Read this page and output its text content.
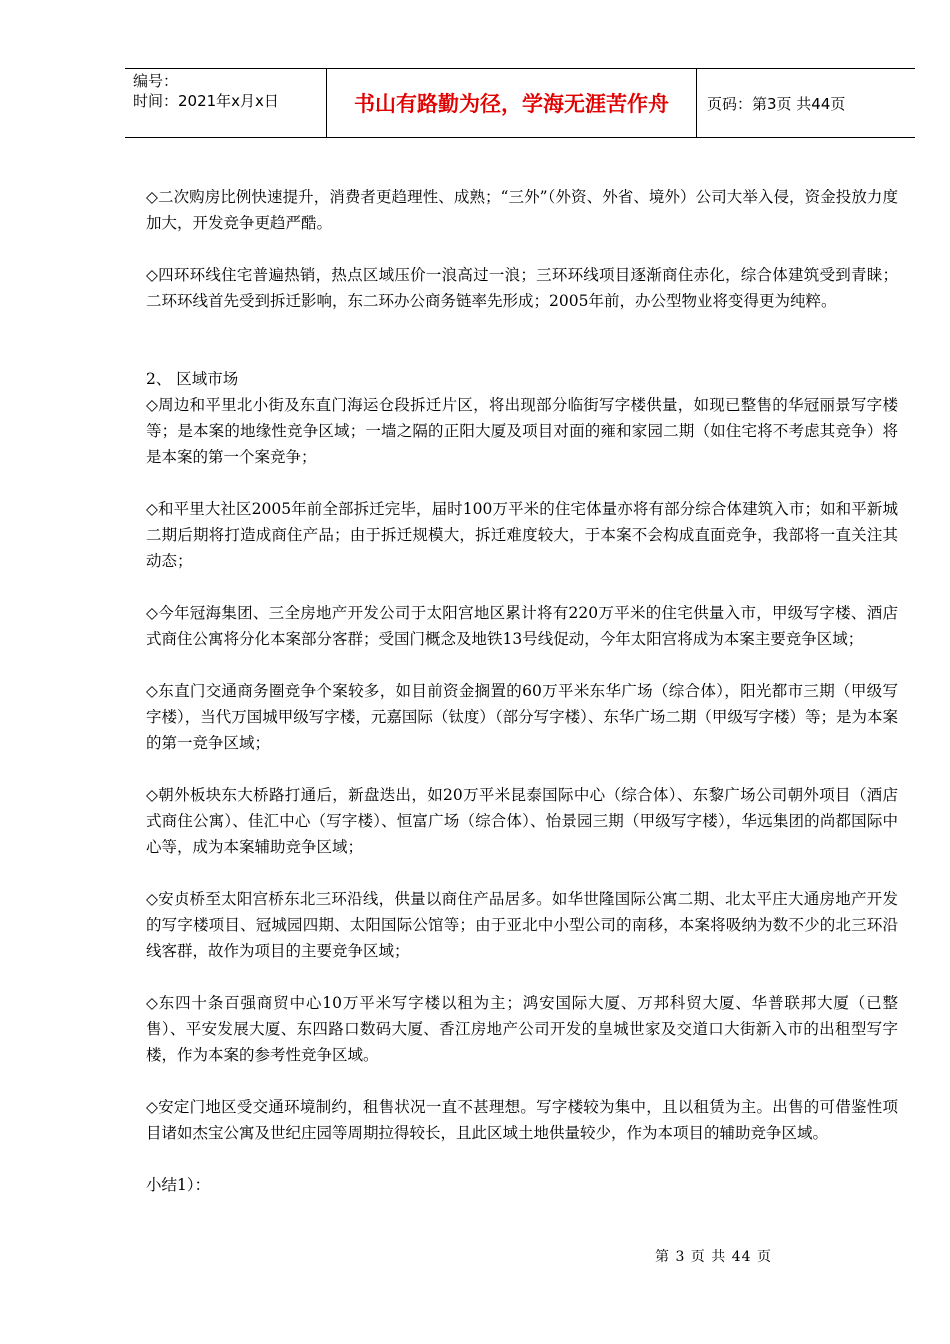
编号：
时间：2021年x月x日	书山有路勤为径，学海无涯苦作舟	页码：第3页 共44页

◇二次购房比例快速提升，消费者更趋理性、成熟；“三外”（外资、外省、境外）公司大举入侵，资金投放力度加大，开发竞争更趋严酷。

◇四环环线住宅普遍热销，热点区域压价一浪高过一浪；三环环线项目逐渐商住赤化，综合体建筑受到青睐；二环环线首先受到拆迁影响，东二环办公商务链率先形成；2005年前，办公型物业将变得更为纯粹。

2、 区域市场

◇周边和平里北小街及东直门海运仓段拆迁片区，将出现部分临街写字楼供量，如现已整售的华冠丽景写字楼等；是本案的地缘性竞争区域；一墙之隔的正阳大厦及项目对面的雍和家园二期（如住宅将不考虑其竞争）将是本案的第一个案竞争；

◇和平里大社区2005年前全部拆迁完毕，届时100万平米的住宅体量亦将有部分综合体建筑入市；如和平新城二期后期将打造成商住产品；由于拆迁规模大，拆迁难度较大，于本案不会构成直面竞争，我部将一直关注其动态；

◇今年冠海集团、三全房地产开发公司于太阳宫地区累计将有220万平米的住宅供量入市，甲级写字楼、酒店式商住公寓将分化本案部分客群；受国门概念及地铁13号线促动，今年太阳宫将成为本案主要竞争区域；

◇东直门交通商务圈竞争个案较多，如目前资金搁置的60万平米东华广场（综合体），阳光都市三期（甲级写字楼），当代万国城甲级写字楼，元嘉国际（钛度）（部分写字楼）、东华广场二期（甲级写字楼）等；是为本案的第一竞争区域；

◇朝外板块东大桥路打通后，新盘迭出，如20万平米昆泰国际中心（综合体）、东黎广场公司朝外项目（酒店式商住公寓）、佳汇中心（写字楼）、恒富广场（综合体）、怡景园三期（甲级写字楼），华远集团的尚都国际中心等，成为本案辅助竞争区域；

◇安贞桥至太阳宫桥东北三环沿线，供量以商住产品居多。如华世隆国际公寓二期、北太平庄大通房地产开发的写字楼项目、冠城园四期、太阳国际公馆等；由于亚北中小型公司的南移，本案将吸纳为数不少的北三环沿线客群，故作为项目的主要竞争区域；

◇东四十条百强商贸中心10万平米写字楼以租为主；鸿安国际大厦、万邦科贸大厦、华普联邦大厦（已整售）、平安发展大厦、东四路口数码大厦、香江房地产公司开发的皇城世家及交道口大街新入市的出租型写字楼，作为本案的参考性竞争区域。

◇安定门地区受交通环境制约，租售状况一直不甚理想。写字楼较为集中，且以租赁为主。出售的可借鉴性项目诸如杰宝公寓及世纪庄园等周期拉得较长，且此区域土地供量较少，作为本项目的辅助竞争区域。

小结1）：

第 3 页 共 44 页
